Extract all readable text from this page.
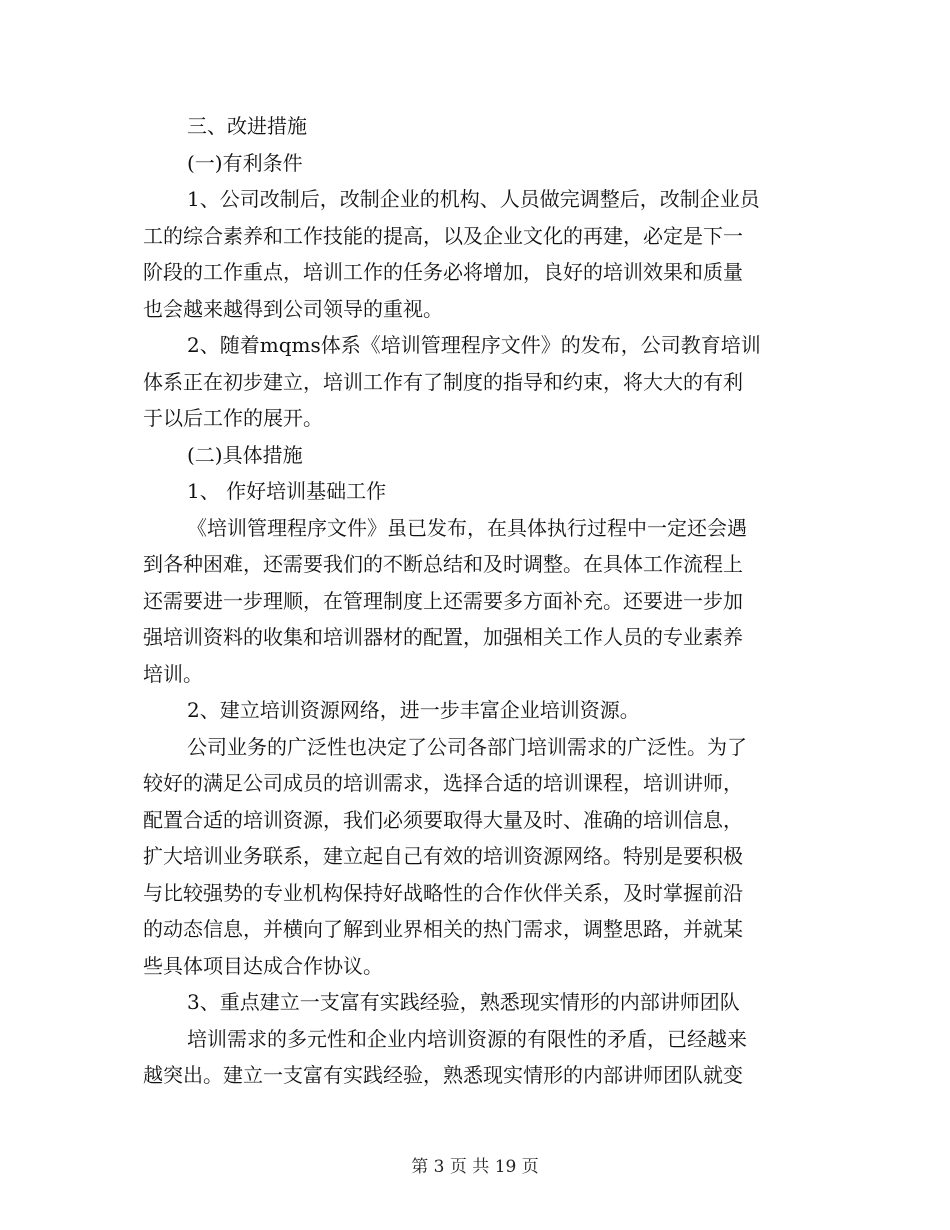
三、改进措施
(一)有利条件
1、公司改制后，改制企业的机构、人员做完调整后，改制企业员
工的综合素养和工作技能的提高，以及企业文化的再建，必定是下一
阶段的工作重点，培训工作的任务必将增加，良好的培训效果和质量
也会越来越得到公司领导的重视。
2、随着mqms体系《培训管理程序文件》的发布，公司教育培训
体系正在初步建立，培训工作有了制度的指导和约束，将大大的有利
于以后工作的展开。
(二)具体措施
1、 作好培训基础工作
《培训管理程序文件》虽已发布，在具体执行过程中一定还会遇
到各种困难，还需要我们的不断总结和及时调整。在具体工作流程上
还需要进一步理顺，在管理制度上还需要多方面补充。还要进一步加
强培训资料的收集和培训器材的配置，加强相关工作人员的专业素养
培训。
2、建立培训资源网络，进一步丰富企业培训资源。
公司业务的广泛性也决定了公司各部门培训需求的广泛性。为了
较好的满足公司成员的培训需求，选择合适的培训课程，培训讲师，
配置合适的培训资源，我们必须要取得大量及时、准确的培训信息，
扩大培训业务联系，建立起自己有效的培训资源网络。特别是要积极
与比较强势的专业机构保持好战略性的合作伙伴关系，及时掌握前沿
的动态信息，并横向了解到业界相关的热门需求，调整思路，并就某
些具体项目达成合作协议。
3、重点建立一支富有实践经验，熟悉现实情形的内部讲师团队
培训需求的多元性和企业内培训资源的有限性的矛盾，已经越来
越突出。建立一支富有实践经验，熟悉现实情形的内部讲师团队就变
第 3 页 共 19 页
